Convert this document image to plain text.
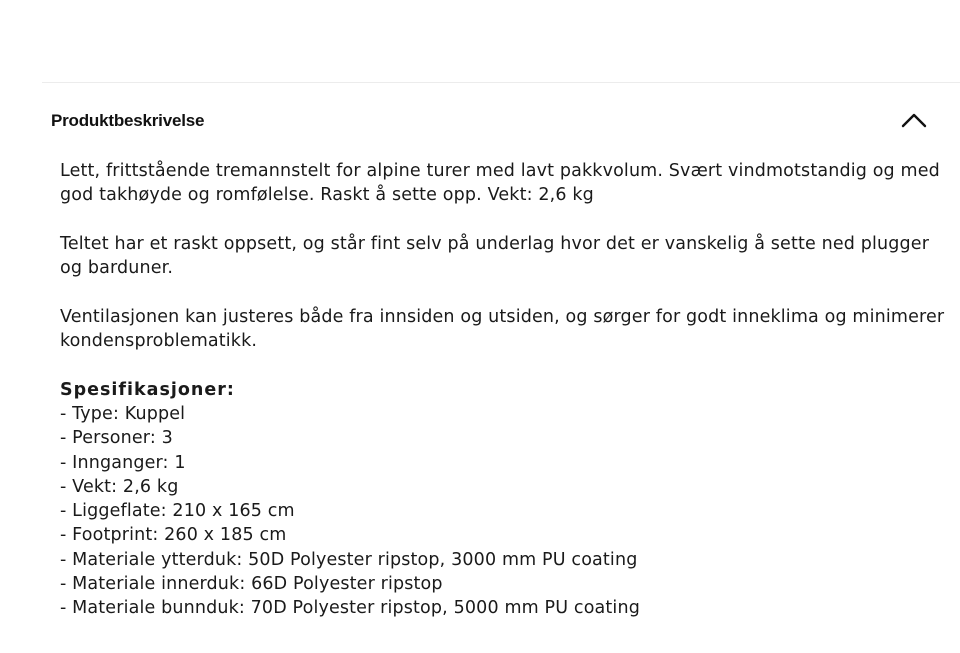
Produktbeskrivelse

Lett, frittstående tremannstelt for alpine turer med lavt pakkvolum. Svært vindmotstandig og med god takhøyde og romfølelse. Raskt å sette opp. Vekt: 2,6 kg

Teltet har et raskt oppsett, og står fint selv på underlag hvor det er vanskelig å sette ned plugger og barduner.

Ventilasjonen kan justeres både fra innsiden og utsiden, og sørger for godt inneklima og minimerer kondensproblematikk.

Spesifikasjoner:
- Type: Kuppel
- Personer: 3
- Innganger: 1
- Vekt: 2,6 kg
- Liggeflate: 210 x 165 cm
- Footprint: 260 x 185 cm
- Materiale ytterduk: 50D Polyester ripstop, 3000 mm PU coating
- Materiale innerduk: 66D Polyester ripstop
- Materiale bunnduk: 70D Polyester ripstop, 5000 mm PU coating
